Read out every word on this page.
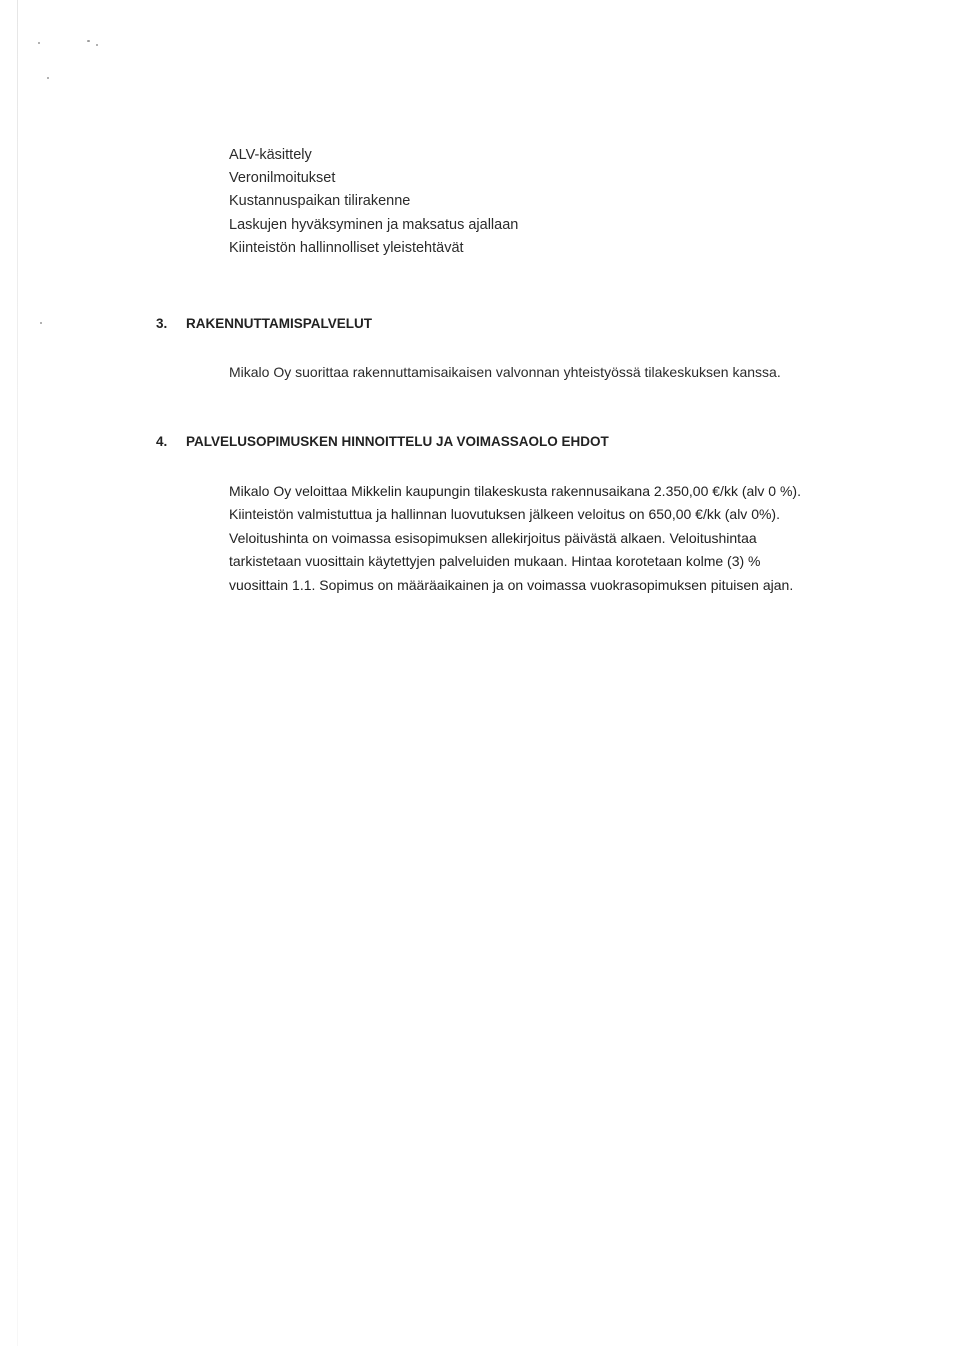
ALV-käsittely
Veronilmoitukset
Kustannuspaikan tilirakenne
Laskujen hyväksyminen ja maksatus ajallaan
Kiinteistön hallinnolliset yleistehtävät
3. RAKENNUTTAMISPALVELUT
Mikalo Oy suorittaa rakennuttamisaikaisen valvonnan yhteistyössä tilakeskuksen kanssa.
4. PALVELUSOPIMUSKEN HINNOITTELU JA VOIMASSAOLO EHDOT
Mikalo Oy veloittaa Mikkelin kaupungin tilakeskusta rakennusaikana 2.350,00 €/kk (alv 0 %).
Kiinteistön valmistuttua ja hallinnan luovutuksen jälkeen veloitus on 650,00 €/kk (alv 0%).
Veloitushinta on voimassa esisopimuksen allekirjoitus päivästä alkaen. Veloitushintaa
tarkistetaan vuosittain käytettyjen palveluiden mukaan. Hintaa korotetaan kolme (3) %
vuosittain 1.1. Sopimus on määräaikainen ja on voimassa vuokrasopimuksen pituisen ajan.
